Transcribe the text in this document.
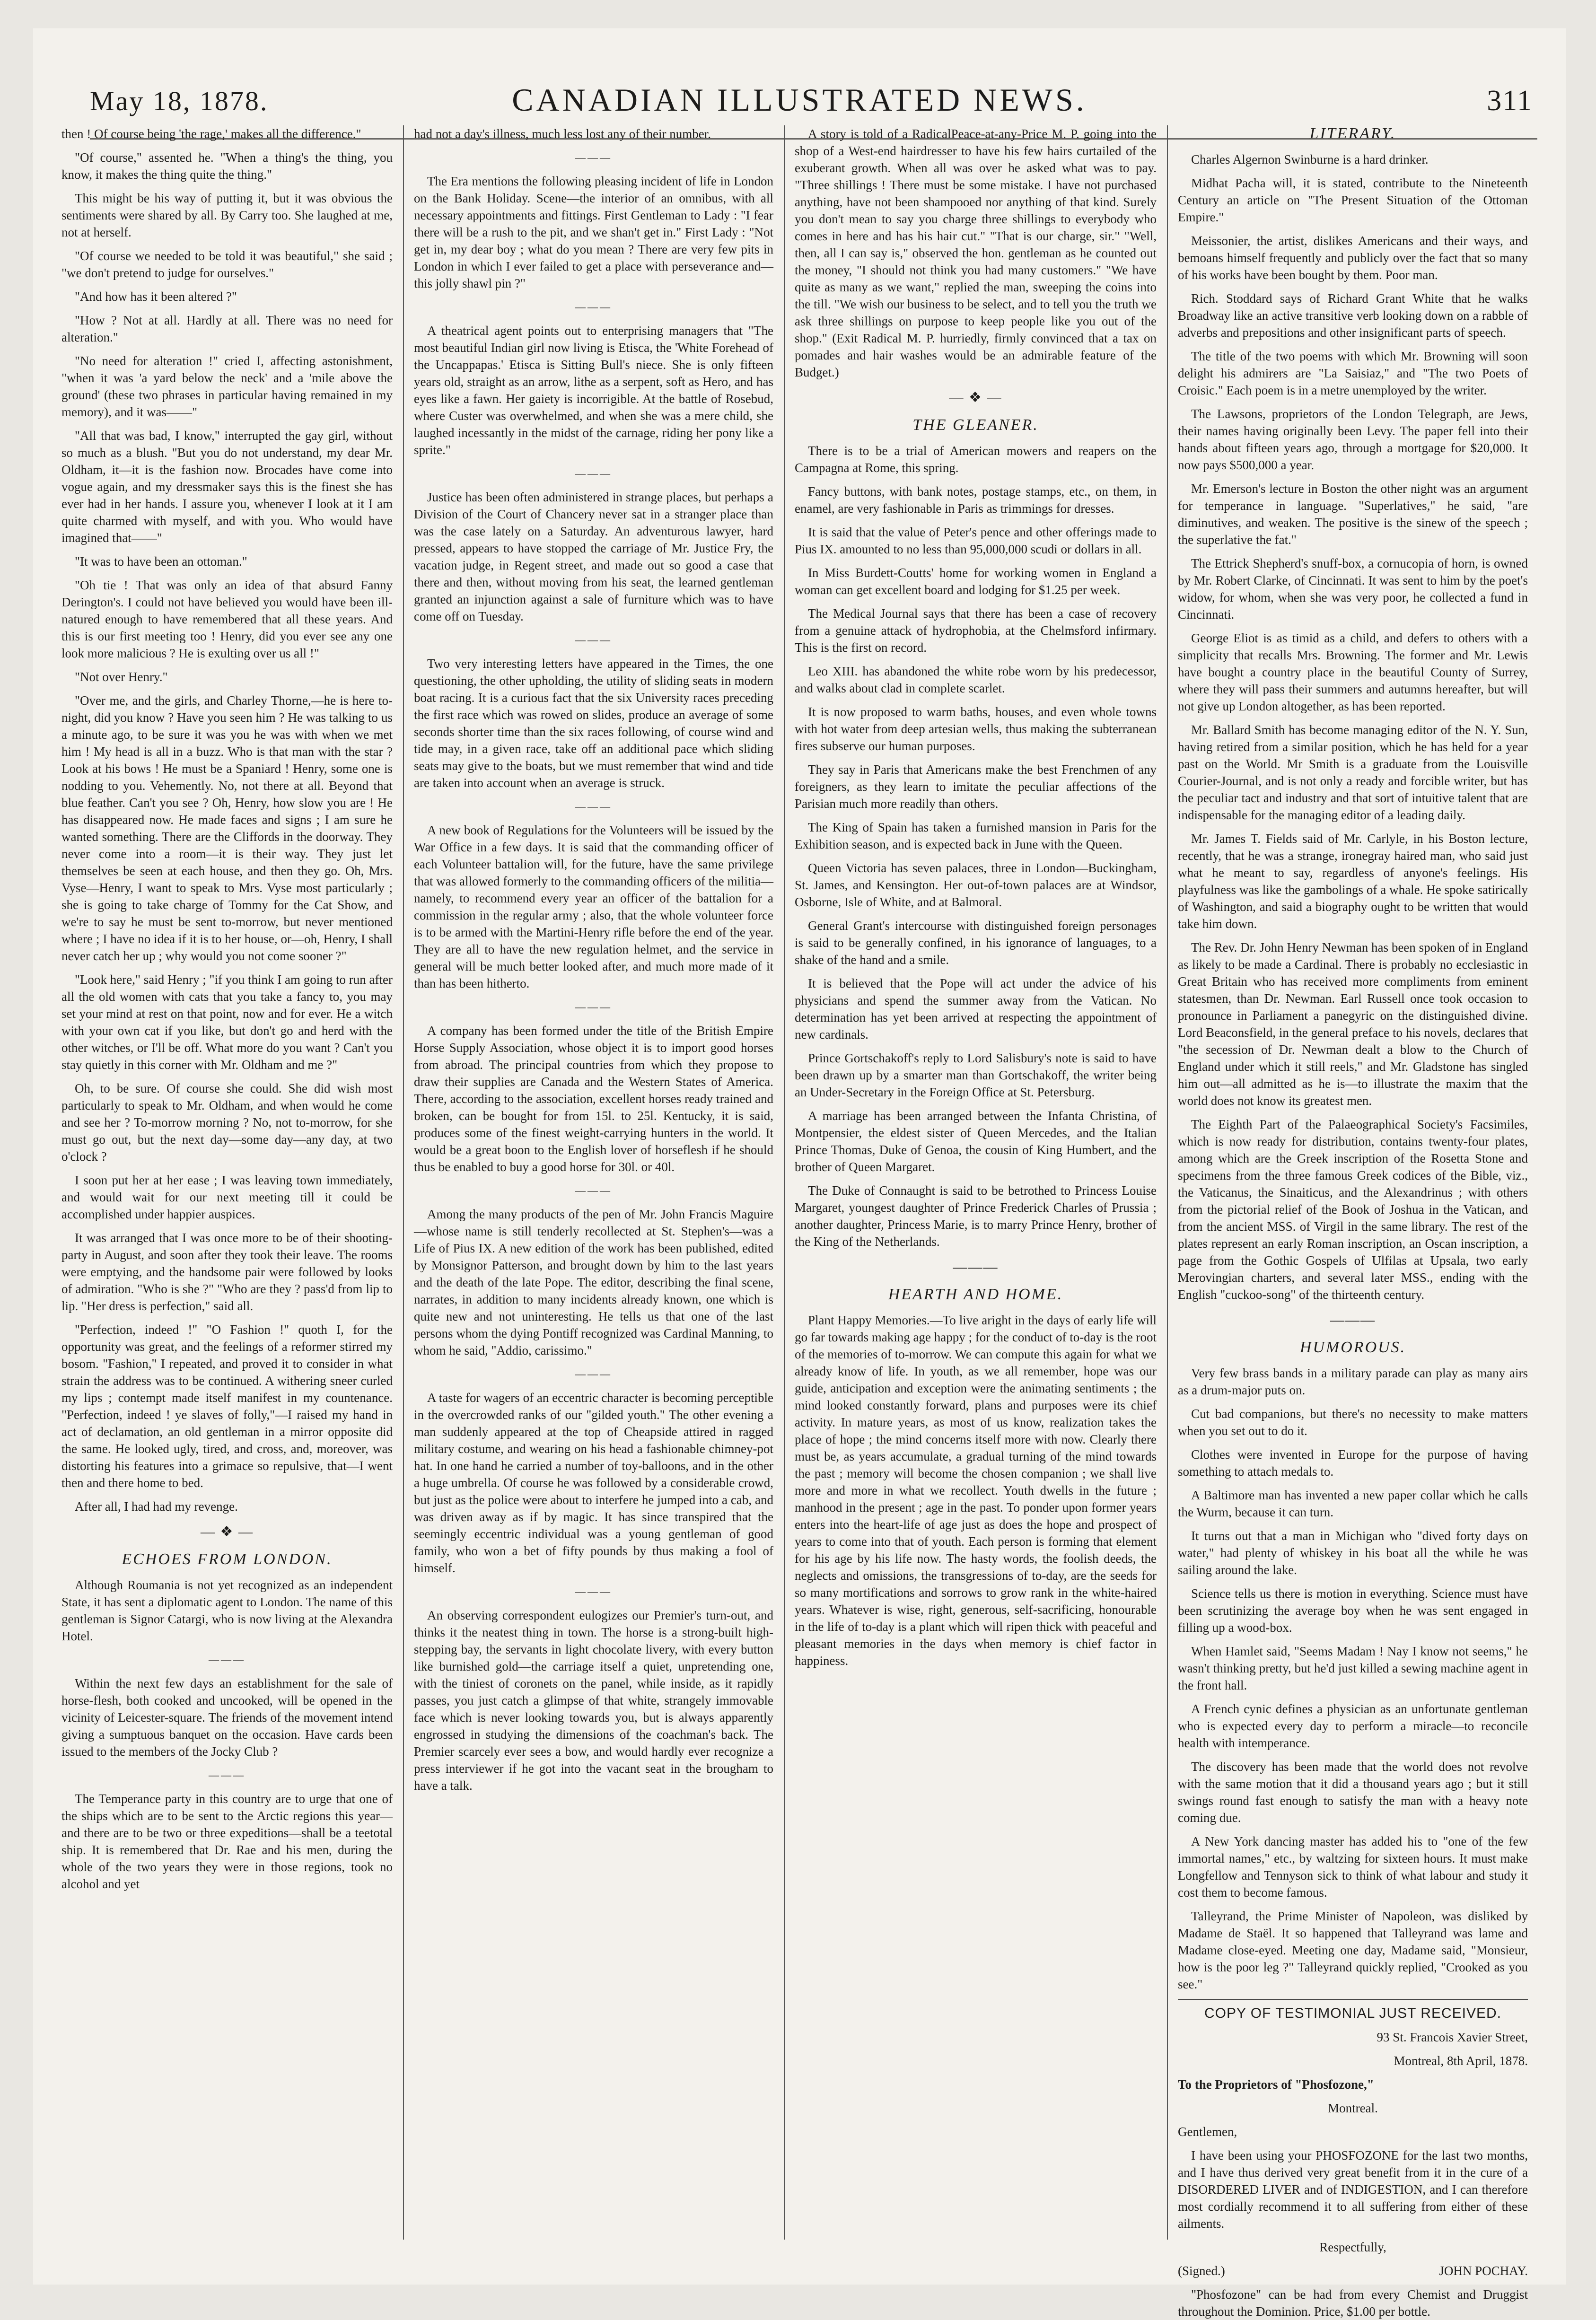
May 18, 1878.	CANADIAN ILLUSTRATED NEWS.	311

then ! Of course being 'the rage,' makes all the difference."

"Of course," assented he. "When a thing's the thing, you know, it makes the thing quite the thing."

This might be his way of putting it, but it was obvious the sentiments were shared by all. By Carry too. She laughed at me, not at herself.

"Of course we needed to be told it was beautiful," she said ; "we don't pretend to judge for ourselves."

"And how has it been altered ?"

"How ? Not at all. Hardly at all. There was no need for alteration."

"No need for alteration !" cried I, affecting astonishment, "when it was 'a yard below the neck' and a 'mile above the ground' (these two phrases in particular having remained in my memory), and it was——"

"All that was bad, I know," interrupted the gay girl, without so much as a blush. "But you do not understand, my dear Mr. Oldham, it—it is the fashion now. Brocades have come into vogue again, and my dressmaker says this is the finest she has ever had in her hands. I assure you, whenever I look at it I am quite charmed with myself, and with you. Who would have imagined that——"

"It was to have been an ottoman."

"Oh tie ! That was only an idea of that absurd Fanny Derington's. I could not have believed you would have been ill-natured enough to have remembered that all these years. And this is our first meeting too ! Henry, did you ever see any one look more malicious ? He is exulting over us all !"

"Not over Henry."

"Over me, and the girls, and Charley Thorne,—he is here to-night, did you know ? Have you seen him ? He was talking to us a minute ago, to be sure it was you he was with when we met him ! My head is all in a buzz. Who is that man with the star ? Look at his bows ! He must be a Spaniard ! Henry, some one is nodding to you. Vehemently. No, not there at all. Beyond that blue feather. Can't you see ? Oh, Henry, how slow you are ! He has disappeared now. He made faces and signs ; I am sure he wanted something. There are the Cliffords in the doorway. They never come into a room—it is their way. They just let themselves be seen at each house, and then they go. Oh, Mrs. Vyse—Henry, I want to speak to Mrs. Vyse most particularly ; she is going to take charge of Tommy for the Cat Show, and we're to say he must be sent to-morrow, but never mentioned where ; I have no idea if it is to her house, or—oh, Henry, I shall never catch her up ; why would you not come sooner ?"

"Look here," said Henry ; "if you think I am going to run after all the old women with cats that you take a fancy to, you may set your mind at rest on that point, now and for ever. He a witch with your own cat if you like, but don't go and herd with the other witches, or I'll be off. What more do you want ? Can't you stay quietly in this corner with Mr. Oldham and me ?"

Oh, to be sure. Of course she could. She did wish most particularly to speak to Mr. Oldham, and when would he come and see her ? To-morrow morning ? No, not to-morrow, for she must go out, but the next day—some day—any day, at two o'clock ?

I soon put her at her ease ; I was leaving town immediately, and would wait for our next meeting till it could be accomplished under happier auspices.

It was arranged that I was once more to be of their shooting-party in August, and soon after they took their leave. The rooms were emptying, and the handsome pair were followed by looks of admiration. "Who is she ?" "Who are they ? pass'd from lip to lip. "Her dress is perfection," said all.

"Perfection, indeed !" "O Fashion !" quoth I, for the opportunity was great, and the feelings of a reformer stirred my bosom. "Fashion," I repeated, and proved it to consider in what strain the address was to be continued. A withering sneer curled my lips ; contempt made itself manifest in my countenance. "Perfection, indeed ! ye slaves of folly,"—I raised my hand in act of declamation, an old gentleman in a mirror opposite did the same. He looked ugly, tired, and cross, and, moreover, was distorting his features into a grimace so repulsive, that—I went then and there home to bed.

After all, I had had my revenge.

— ❖ —
ECHOES FROM LONDON.

Although Roumania is not yet recognized as an independent State, it has sent a diplomatic agent to London. The name of this gentleman is Signor Catargi, who is now living at the Alexandra Hotel.

———

Within the next few days an establishment for the sale of horse-flesh, both cooked and uncooked, will be opened in the vicinity of Leicester-square. The friends of the movement intend giving a sumptuous banquet on the occasion. Have cards been issued to the members of the Jocky Club ?

———

The Temperance party in this country are to urge that one of the ships which are to be sent to the Arctic regions this year—and there are to be two or three expeditions—shall be a teetotal ship. It is remembered that Dr. Rae and his men, during the whole of the two years they were in those regions, took no alcohol and yet

had not a day's illness, much less lost any of their number.

———

The Era mentions the following pleasing incident of life in London on the Bank Holiday. Scene—the interior of an omnibus, with all necessary appointments and fittings. First Gentleman to Lady : "I fear there will be a rush to the pit, and we shan't get in." First Lady : "Not get in, my dear boy ; what do you mean ? There are very few pits in London in which I ever failed to get a place with perseverance and—this jolly shawl pin ?"

———

A theatrical agent points out to enterprising managers that "The most beautiful Indian girl now living is Etisca, the 'White Forehead of the Uncappapas.' Etisca is Sitting Bull's niece. She is only fifteen years old, straight as an arrow, lithe as a serpent, soft as Hero, and has eyes like a fawn. Her gaiety is incorrigible. At the battle of Rosebud, where Custer was overwhelmed, and when she was a mere child, she laughed incessantly in the midst of the carnage, riding her pony like a sprite."

———

Justice has been often administered in strange places, but perhaps a Division of the Court of Chancery never sat in a stranger place than was the case lately on a Saturday. An adventurous lawyer, hard pressed, appears to have stopped the carriage of Mr. Justice Fry, the vacation judge, in Regent street, and made out so good a case that there and then, without moving from his seat, the learned gentleman granted an injunction against a sale of furniture which was to have come off on Tuesday.

———

Two very interesting letters have appeared in the Times, the one questioning, the other upholding, the utility of sliding seats in modern boat racing. It is a curious fact that the six University races preceding the first race which was rowed on slides, produce an average of some seconds shorter time than the six races following, of course wind and tide may, in a given race, take off an additional pace which sliding seats may give to the boats, but we must remember that wind and tide are taken into account when an average is struck.

———

A new book of Regulations for the Volunteers will be issued by the War Office in a few days. It is said that the commanding officer of each Volunteer battalion will, for the future, have the same privilege that was allowed formerly to the commanding officers of the militia—namely, to recommend every year an officer of the battalion for a commission in the regular army ; also, that the whole volunteer force is to be armed with the Martini-Henry rifle before the end of the year. They are all to have the new regulation helmet, and the service in general will be much better looked after, and much more made of it than has been hitherto.

———

A company has been formed under the title of the British Empire Horse Supply Association, whose object it is to import good horses from abroad. The principal countries from which they propose to draw their supplies are Canada and the Western States of America. There, according to the association, excellent horses ready trained and broken, can be bought for from 15l. to 25l. Kentucky, it is said, produces some of the finest weight-carrying hunters in the world. It would be a great boon to the English lover of horseflesh if he should thus be enabled to buy a good horse for 30l. or 40l.

———

Among the many products of the pen of Mr. John Francis Maguire—whose name is still tenderly recollected at St. Stephen's—was a Life of Pius IX. A new edition of the work has been published, edited by Monsignor Patterson, and brought down by him to the last years and the death of the late Pope. The editor, describing the final scene, narrates, in addition to many incidents already known, one which is quite new and not uninteresting. He tells us that one of the last persons whom the dying Pontiff recognized was Cardinal Manning, to whom he said, "Addio, carissimo."

———

A taste for wagers of an eccentric character is becoming perceptible in the overcrowded ranks of our "gilded youth." The other evening a man suddenly appeared at the top of Cheapside attired in ragged military costume, and wearing on his head a fashionable chimney-pot hat. In one hand he carried a number of toy-balloons, and in the other a huge umbrella. Of course he was followed by a considerable crowd, but just as the police were about to interfere he jumped into a cab, and was driven away as if by magic. It has since transpired that the seemingly eccentric individual was a young gentleman of good family, who won a bet of fifty pounds by thus making a fool of himself.

———

An observing correspondent eulogizes our Premier's turn-out, and thinks it the neatest thing in town. The horse is a strong-built high-stepping bay, the servants in light chocolate livery, with every button like burnished gold—the carriage itself a quiet, unpretending one, with the tiniest of coronets on the panel, while inside, as it rapidly passes, you just catch a glimpse of that white, strangely immovable face which is never looking towards you, but is always apparently engrossed in studying the dimensions of the coachman's back. The Premier scarcely ever sees a bow, and would hardly ever recognize a press interviewer if he got into the vacant seat in the brougham to have a talk.

A story is told of a RadicalPeace-at-any-Price M. P. going into the shop of a West-end hairdresser to have his few hairs curtailed of the exuberant growth. When all was over he asked what was to pay. "Three shillings ! There must be some mistake. I have not purchased anything, have not been shampooed nor anything of that kind. Surely you don't mean to say you charge three shillings to everybody who comes in here and has his hair cut." "That is our charge, sir." "Well, then, all I can say is," observed the hon. gentleman as he counted out the money, "I should not think you had many customers." "We have quite as many as we want," replied the man, sweeping the coins into the till. "We wish our business to be select, and to tell you the truth we ask three shillings on purpose to keep people like you out of the shop." (Exit Radical M. P. hurriedly, firmly convinced that a tax on pomades and hair washes would be an admirable feature of the Budget.)

— ❖ —
THE GLEANER.

There is to be a trial of American mowers and reapers on the Campagna at Rome, this spring.

Fancy buttons, with bank notes, postage stamps, etc., on them, in enamel, are very fashionable in Paris as trimmings for dresses.

It is said that the value of Peter's pence and other offerings made to Pius IX. amounted to no less than 95,000,000 scudi or dollars in all.

In Miss Burdett-Coutts' home for working women in England a woman can get excellent board and lodging for $1.25 per week.

The Medical Journal says that there has been a case of recovery from a genuine attack of hydrophobia, at the Chelmsford infirmary. This is the first on record.

Leo XIII. has abandoned the white robe worn by his predecessor, and walks about clad in complete scarlet.

It is now proposed to warm baths, houses, and even whole towns with hot water from deep artesian wells, thus making the subterranean fires subserve our human purposes.

They say in Paris that Americans make the best Frenchmen of any foreigners, as they learn to imitate the peculiar affections of the Parisian much more readily than others.

The King of Spain has taken a furnished mansion in Paris for the Exhibition season, and is expected back in June with the Queen.

Queen Victoria has seven palaces, three in London—Buckingham, St. James, and Kensington. Her out-of-town palaces are at Windsor, Osborne, Isle of White, and at Balmoral.

General Grant's intercourse with distinguished foreign personages is said to be generally confined, in his ignorance of languages, to a shake of the hand and a smile.

It is believed that the Pope will act under the advice of his physicians and spend the summer away from the Vatican. No determination has yet been arrived at respecting the appointment of new cardinals.

Prince Gortschakoff's reply to Lord Salisbury's note is said to have been drawn up by a smarter man than Gortschakoff, the writer being an Under-Secretary in the Foreign Office at St. Petersburg.

A marriage has been arranged between the Infanta Christina, of Montpensier, the eldest sister of Queen Mercedes, and the Italian Prince Thomas, Duke of Genoa, the cousin of King Humbert, and the brother of Queen Margaret.

The Duke of Connaught is said to be betrothed to Princess Louise Margaret, youngest daughter of Prince Frederick Charles of Prussia ; another daughter, Princess Marie, is to marry Prince Henry, brother of the King of the Netherlands.

———
HEARTH AND HOME.

Plant Happy Memories.—To live aright in the days of early life will go far towards making age happy ; for the conduct of to-day is the root of the memories of to-morrow. We can compute this again for what we already know of life. In youth, as we all remember, hope was our guide, anticipation and exception were the animating sentiments ; the mind looked constantly forward, plans and purposes were its chief activity. In mature years, as most of us know, realization takes the place of hope ; the mind concerns itself more with now. Clearly there must be, as years accumulate, a gradual turning of the mind towards the past ; memory will become the chosen companion ; we shall live more and more in what we recollect. Youth dwells in the future ; manhood in the present ; age in the past. To ponder upon former years enters into the heart-life of age just as does the hope and prospect of years to come into that of youth. Each person is forming that element for his age by his life now. The hasty words, the foolish deeds, the neglects and omissions, the transgressions of to-day, are the seeds for so many mortifications and sorrows to grow rank in the white-haired years. Whatever is wise, right, generous, self-sacrificing, honourable in the life of to-day is a plant which will ripen thick with peaceful and pleasant memories in the days when memory is chief factor in happiness.

LITERARY.

Charles Algernon Swinburne is a hard drinker.

Midhat Pacha will, it is stated, contribute to the Nineteenth Century an article on "The Present Situation of the Ottoman Empire."

Meissonier, the artist, dislikes Americans and their ways, and bemoans himself frequently and publicly over the fact that so many of his works have been bought by them. Poor man.

Rich. Stoddard says of Richard Grant White that he walks Broadway like an active transitive verb looking down on a rabble of adverbs and prepositions and other insignificant parts of speech.

The title of the two poems with which Mr. Browning will soon delight his admirers are "La Saisiaz," and "The two Poets of Croisic." Each poem is in a metre unemployed by the writer.

The Lawsons, proprietors of the London Telegraph, are Jews, their names having originally been Levy. The paper fell into their hands about fifteen years ago, through a mortgage for $20,000. It now pays $500,000 a year.

Mr. Emerson's lecture in Boston the other night was an argument for temperance in language. "Superlatives," he said, "are diminutives, and weaken. The positive is the sinew of the speech ; the superlative the fat."

The Ettrick Shepherd's snuff-box, a cornucopia of horn, is owned by Mr. Robert Clarke, of Cincinnati. It was sent to him by the poet's widow, for whom, when she was very poor, he collected a fund in Cincinnati.

George Eliot is as timid as a child, and defers to others with a simplicity that recalls Mrs. Browning. The former and Mr. Lewis have bought a country place in the beautiful County of Surrey, where they will pass their summers and autumns hereafter, but will not give up London altogether, as has been reported.

Mr. Ballard Smith has become managing editor of the N. Y. Sun, having retired from a similar position, which he has held for a year past on the World. Mr Smith is a graduate from the Louisville Courier-Journal, and is not only a ready and forcible writer, but has the peculiar tact and industry and that sort of intuitive talent that are indispensable for the managing editor of a leading daily.

Mr. James T. Fields said of Mr. Carlyle, in his Boston lecture, recently, that he was a strange, ironegray haired man, who said just what he meant to say, regardless of anyone's feelings. His playfulness was like the gambolings of a whale. He spoke satirically of Washington, and said a biography ought to be written that would take him down.

The Rev. Dr. John Henry Newman has been spoken of in England as likely to be made a Cardinal. There is probably no ecclesiastic in Great Britain who has received more compliments from eminent statesmen, than Dr. Newman. Earl Russell once took occasion to pronounce in Parliament a panegyric on the distinguished divine. Lord Beaconsfield, in the general preface to his novels, declares that "the secession of Dr. Newman dealt a blow to the Church of England under which it still reels," and Mr. Gladstone has singled him out—all admitted as he is—to illustrate the maxim that the world does not know its greatest men.

The Eighth Part of the Palaeographical Society's Facsimiles, which is now ready for distribution, contains twenty-four plates, among which are the Greek inscription of the Rosetta Stone and specimens from the three famous Greek codices of the Bible, viz., the Vaticanus, the Sinaiticus, and the Alexandrinus ; with others from the pictorial relief of the Book of Joshua in the Vatican, and from the ancient MSS. of Virgil in the same library. The rest of the plates represent an early Roman inscription, an Oscan inscription, a page from the Gothic Gospels of Ulfilas at Upsala, two early Merovingian charters, and several later MSS., ending with the English "cuckoo-song" of the thirteenth century.

———
HUMOROUS.

Very few brass bands in a military parade can play as many airs as a drum-major puts on.

Cut bad companions, but there's no necessity to make matters when you set out to do it.

Clothes were invented in Europe for the purpose of having something to attach medals to.

A Baltimore man has invented a new paper collar which he calls the Wurm, because it can turn.

It turns out that a man in Michigan who "dived forty days on water," had plenty of whiskey in his boat all the while he was sailing around the lake.

Science tells us there is motion in everything. Science must have been scrutinizing the average boy when he was sent engaged in filling up a wood-box.

When Hamlet said, "Seems Madam ! Nay I know not seems," he wasn't thinking pretty, but he'd just killed a sewing machine agent in the front hall.

A French cynic defines a physician as an unfortunate gentleman who is expected every day to perform a miracle—to reconcile health with intemperance.

The discovery has been made that the world does not revolve with the same motion that it did a thousand years ago ; but it still swings round fast enough to satisfy the man with a heavy note coming due.

A New York dancing master has added his to "one of the few immortal names," etc., by waltzing for sixteen hours. It must make Longfellow and Tennyson sick to think of what labour and study it cost them to become famous.

Talleyrand, the Prime Minister of Napoleon, was disliked by Madame de Staël. It so happened that Talleyrand was lame and Madame close-eyed. Meeting one day, Madame said, "Monsieur, how is the poor leg ?" Talleyrand quickly replied, "Crooked as you see."

COPY OF TESTIMONIAL JUST RECEIVED.

93 St. Francois Xavier Street,

Montreal, 8th April, 1878.

To the Proprietors of "Phosfozone,"

Montreal.

Gentlemen,

I have been using your PHOSFOZONE for the last two months, and I have thus derived very great benefit from it in the cure of a DISORDERED LIVER and of INDIGESTION, and I can therefore most cordially recommend it to all suffering from either of these ailments.

Respectfully,

(Signed.)	JOHN POCHAY.

"Phosfozone" can be had from every Chemist and Druggist throughout the Dominion. Price, $1.00 per bottle.
